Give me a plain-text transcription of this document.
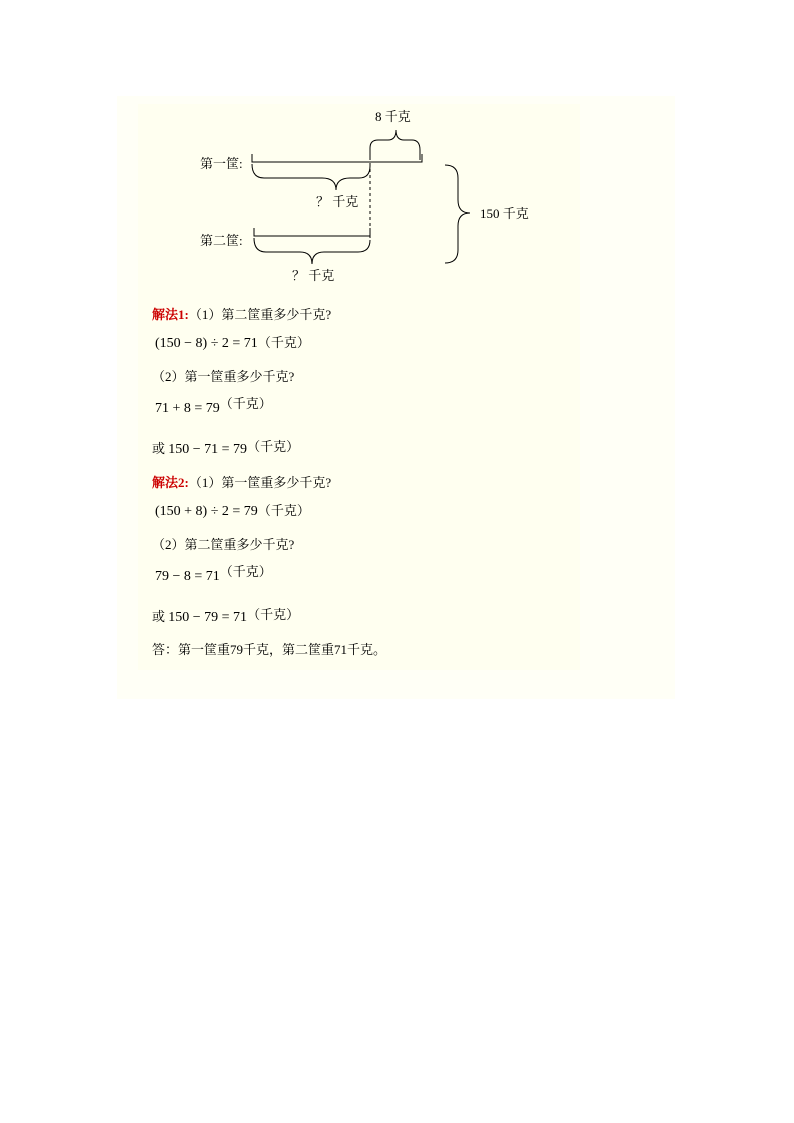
8 千克
第一筐:
？ 千克
150 千克
第二筐:
？ 千克
解法1:（1）第二筐重多少千克?
(150 − 8) ÷ 2 = 71（千克）
（2）第一筐重多少千克?
71 + 8 = 79（千克）
或 150 − 71 = 79（千克）
解法2:（1）第一筐重多少千克?
(150 + 8) ÷ 2 = 79（千克）
（2）第二筐重多少千克?
79 − 8 = 71（千克）
或 150 − 79 = 71（千克）
答：第一筐重79千克，第二筐重71千克。
